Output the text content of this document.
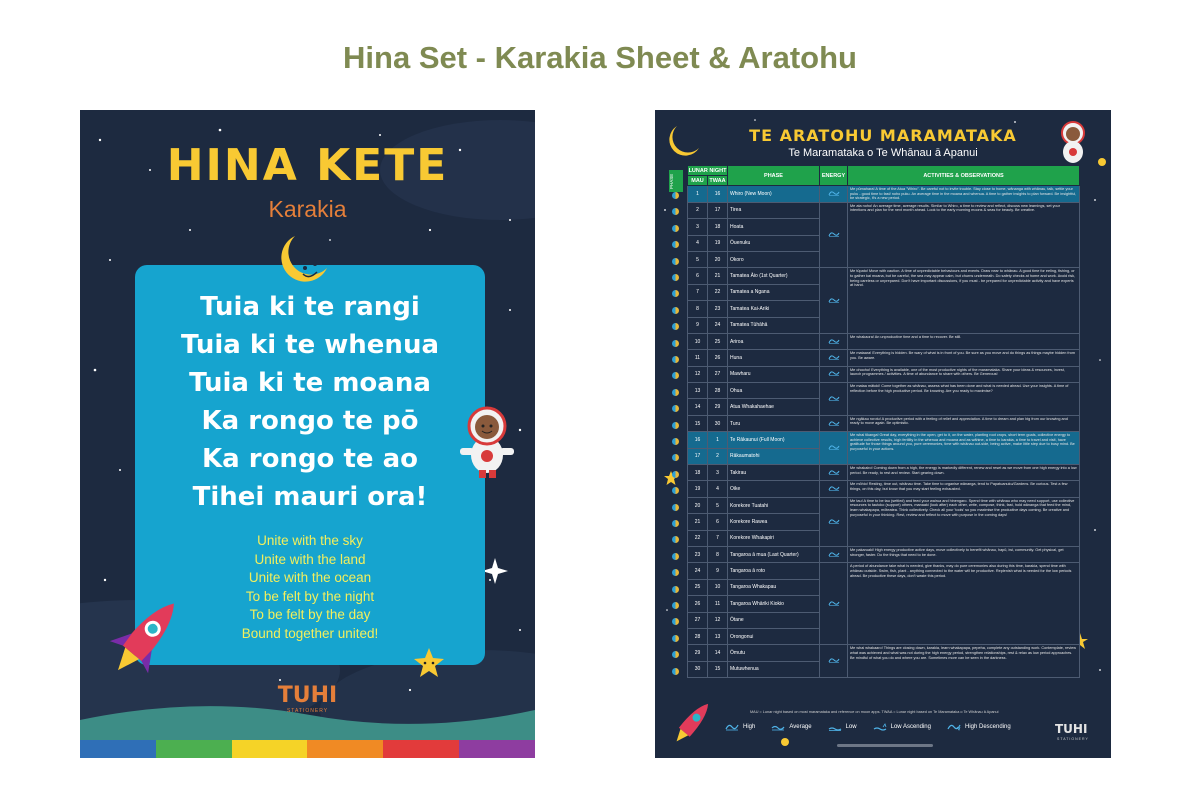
Hina Set - Karakia Sheet & Aratohu
HINA KETE
Karakia
Tuia ki te rangi
Tuia ki te whenua
Tuia ki te moana
Ka rongo te pō
Ka rongo te ao
Tihei mauri ora!
Unite with the sky
Unite with the land
Unite with the ocean
To be felt by the night
To be felt by the day
Bound together united!
TUHI
STATIONERY
TE ARATOHU MARAMATAKA
Te Maramataka o Te Whānau ā Apanui
PHASE
LUNAR NIGHT		PHASE	ENERGY	ACTIVITIES & OBSERVATIONS
MAU	TWAA			
1	16	Whiro (New Moon)		Me pūmahara! A time of the Atua "Whiro". Be careful not to invite trouble. Stay close to home, wānanga with whānau, talk, settle your puku - good time to fast/ noho puku. An average time in the moana and whenua. A time to gather insights to plan forward. Be insightful, be strategic, it's a new period.
2	17	Tirea		Me ata noho! An average time, average results. Similar to Whiro, a time to review and reflect, discuss new learnings, set your intentions and plan for the next month ahead. Look to the early morning moons & seas for beauty. Be creative.
3	18	Hoata		
4	19	Ōuenuku		
5	20	Okoro		
6	21	Tamatea Āio (1st Quarter)		Me tūpato! Move with caution. A time of unpredictable behaviours and events. Draw near to whānau. A good time for eeling, fishing, or to gather kai moana, but be careful, the sea may appear calm, but churns underneath. Do safety checks at home and work. Avoid risk, being careless or unprepared. Don't have important discussions, if you must - be prepared for unpredictable activity and have experts at hand.
7	22	Tamatea a Ngana		
8	23	Tamatea Kai-Ariki		
9	24	Tamatea Tūhāhā		
10	25	Ariroa		Me whakaora! An unproductive time and a time to recover. Be still.
11	26	Huna		Me mataara! Everything is hidden. Be wary of what is in front of you. Be sure as you move and do things as things maybe hidden from you. Be aware.
12	27	Mawharu		Me ohooho! Everything is available, one of the most productive nights of the maramataka. Share your ideas & resources, invest, launch programmes / activities. A time of abundance to share with others. Be Generous!
13	28	Ohua		Me mataa mātoki! Come together as whānau, assess what has been done and what is needed ahead. Use your insights. A time of reflection before the high productive period. Be knowing. Are you ready to maximise?
14	29	Atua Whakahaehae		
15	30	Turu		Me ngākau rorotu! A productive period with a feeling of relief and appreciation. A time to dream and plan big from our knowing and ready to move again. Be optimistic.
16	1	Te Rākaunui (Full Moon)		Me whai tikanga! Great day, everything in the open, get to it, on the water, planting root crops, short term goals, collective energy to achieve collective results, high fertility in the whenua and moana and as wāhine, a time to karakia, a time to travel and visit, have gratitude for those things around you, pure ceremonies, time with whānau out-side, being active, make little step due to busy mind. Be purposeful in your actions.
17	2	Rākaumatohi		
18	3	Takirau		Me whakairo! Coming down from a high, the energy is markedly different, renew and reset as we move from one high energy into a low period. Be ready, to rest and review. Start gearing down.
19	4	Oike		Me mōhio! Resting, time out, whānau time. Take time to organise wānanga, tend to Papatuanuku/Gardens. Be curious. Test a few things, on this day, but know that you may start feeling exhausted.
20	5	Korekore Tuatahi		Me tau! A time to be tau (settled) and feed your wairua and hinengaro. Spend time with whānau who may need support, use collective resources to tautoko (support) others, manaaki (look after) each other, write, compose, think, fast, hold wānanga that feed the mind, learn whakapapa, mōteatea. Think collectively. Check all your 'tools' so you maximise the productive days coming. Be creative and purposeful in your thinking. Rest, review and reflect to move with purpose in the coming days!
21	6	Korekore Rawea		
22	7	Korekore Whakapiri		
23	8	Tangaroa ā mua (Last Quarter)		Me pakaruaki! High energy productive active days, move collectively to benefit whānau, hapū, iwi, community. Get physical, get stronger, faster. Do the things that need to be done.
24	9	Tangaroa ā roto		A period of abundance take what is needed, give thanks, may do pure ceremonies also during this time, karakia, spend time with whānau outside. Swim, fish, plant - anything connected to the water will be productive. Replenish what is needed for the low periods ahead. Be productive these days, don't waste this period.
25	10	Tangaroa Whakapau		
26	11	Tangaroa Whāriki Kiokio		
27	12	Ōtane		
28	13	Orongonui		
29	14	Ōmutu		Me whai whakaaro! Things are closing down, karakia, learn whakapapa, pepeha, complete any outstanding work. Contemplate, review what was achieved and what was not during the high energy period, strengthen relationships, rest & relax as low period approaches. Be mindful of what you do and where you are. Sometimes more can be seen in the darkness.
30	15	Mutuwhenua		
MAU = Lunar night based on most maramataka and reference on moon apps. TWAA = Lunar night based on Te Maramataka o Te Whānau ā Apanui
High	Average	Low	Low Ascending	High Descending	TUHI
STATIONERY
